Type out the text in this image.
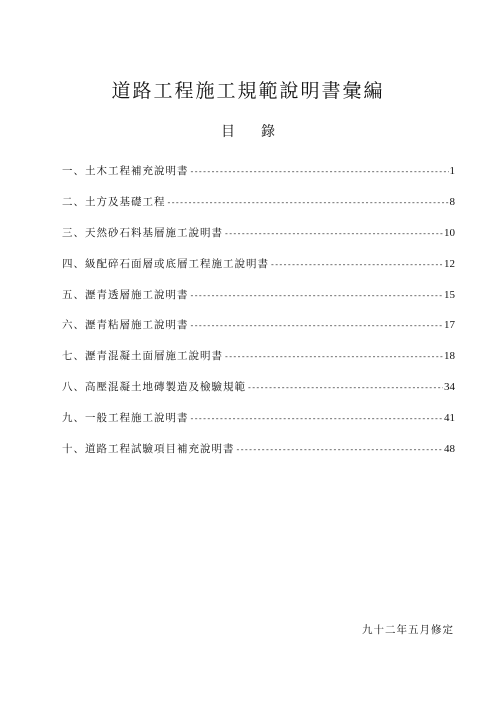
道路工程施工規範說明書彙編
目 錄
一、土木工程補充說明書 -----	1
二、土方及基礎工程 -----	8
三、天然砂石料基層施工說明書 -----	10
四、級配碎石面層或底層工程施工說明書 -----	12
五、瀝青透層施工說明書 -----	15
六、瀝青粘層施工說明書 -----	17
七、瀝青混凝土面層施工說明書 -----	18
八、高壓混凝土地磚製造及檢驗規範 -----	34
九、一般工程施工說明書 -----	41
十、道路工程試驗項目補充說明書 -----	48
九十二年五月修定
